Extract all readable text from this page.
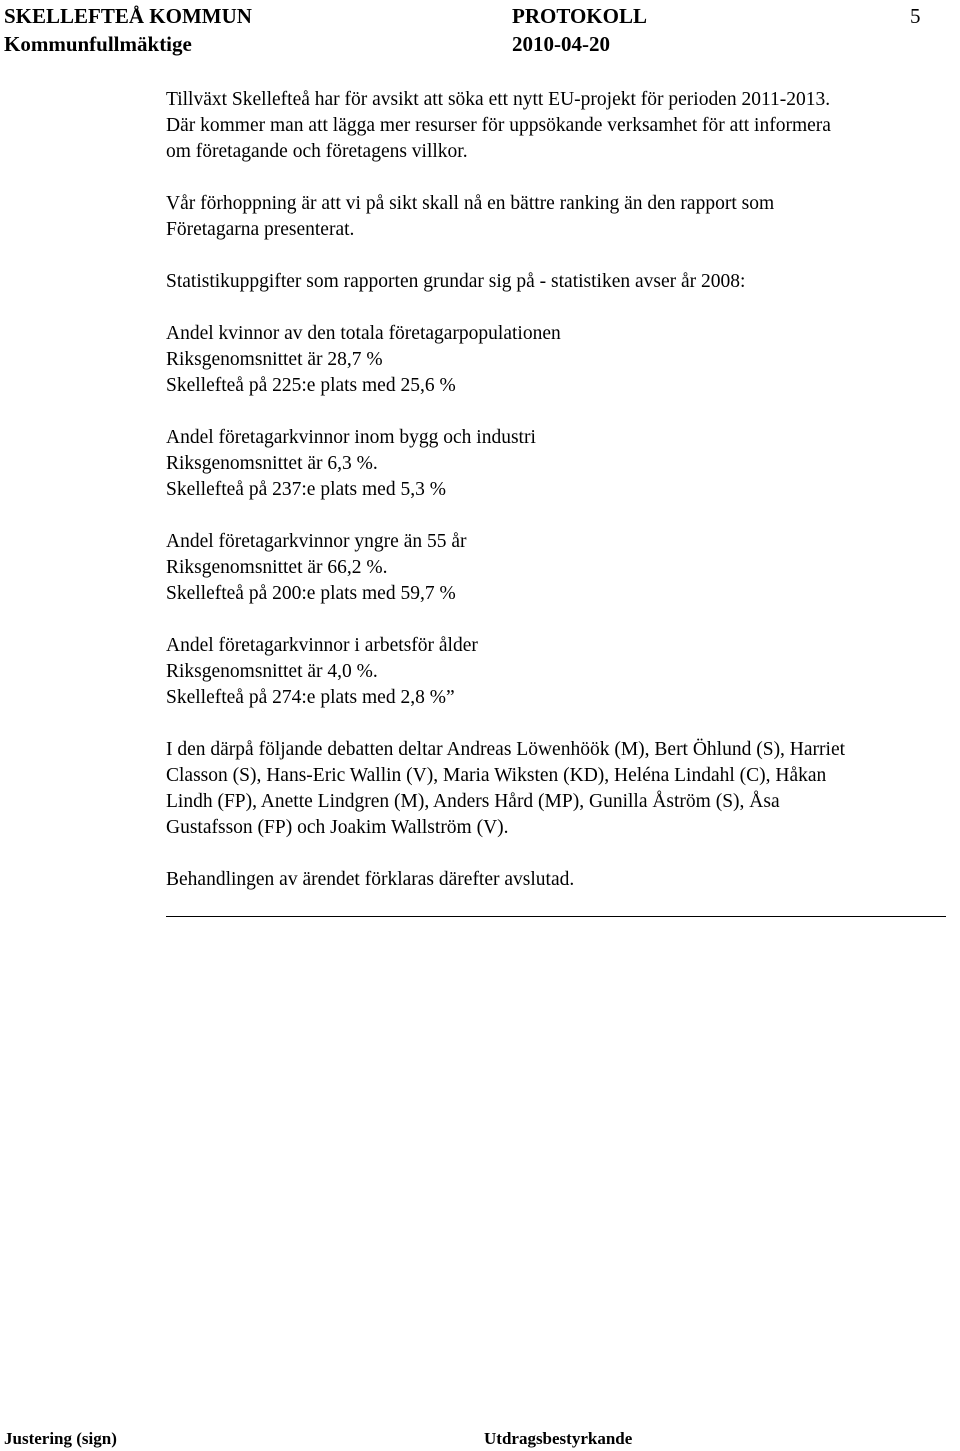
SKELLEFTEÅ KOMMUN
Kommunfullmäktige
PROTOKOLL
2010-04-20
5

Tillväxt Skellefteå har för avsikt att söka ett nytt EU-projekt för perioden 2011-2013.

Där kommer man att lägga mer resurser för uppsökande verksamhet för att informera

om företagande och företagens villkor.

Vår förhoppning är att vi på sikt skall nå en bättre ranking än den rapport som

Företagarna presenterat.

Statistikuppgifter som rapporten grundar sig på - statistiken avser år 2008:

Andel kvinnor av den totala företagarpopulationen

Riksgenomsnittet är 28,7 %

Skellefteå på 225:e plats med 25,6 %

Andel företagarkvinnor inom bygg och industri

Riksgenomsnittet är 6,3 %.

Skellefteå på 237:e plats med 5,3 %

Andel företagarkvinnor yngre än 55 år

Riksgenomsnittet är 66,2 %.

Skellefteå på 200:e plats med 59,7 %

Andel företagarkvinnor i arbetsför ålder

Riksgenomsnittet är 4,0 %.

Skellefteå på 274:e plats med 2,8 %”

I den därpå följande debatten deltar Andreas Löwenhöök (M), Bert Öhlund (S), Harriet

Classon (S), Hans-Eric Wallin (V), Maria Wiksten (KD), Heléna Lindahl (C), Håkan

Lindh (FP), Anette Lindgren (M), Anders Hård (MP), Gunilla Åström (S), Åsa

Gustafsson (FP) och Joakim Wallström (V).

Behandlingen av ärendet förklaras därefter avslutad.

Justering (sign)	Utdragsbestyrkande
